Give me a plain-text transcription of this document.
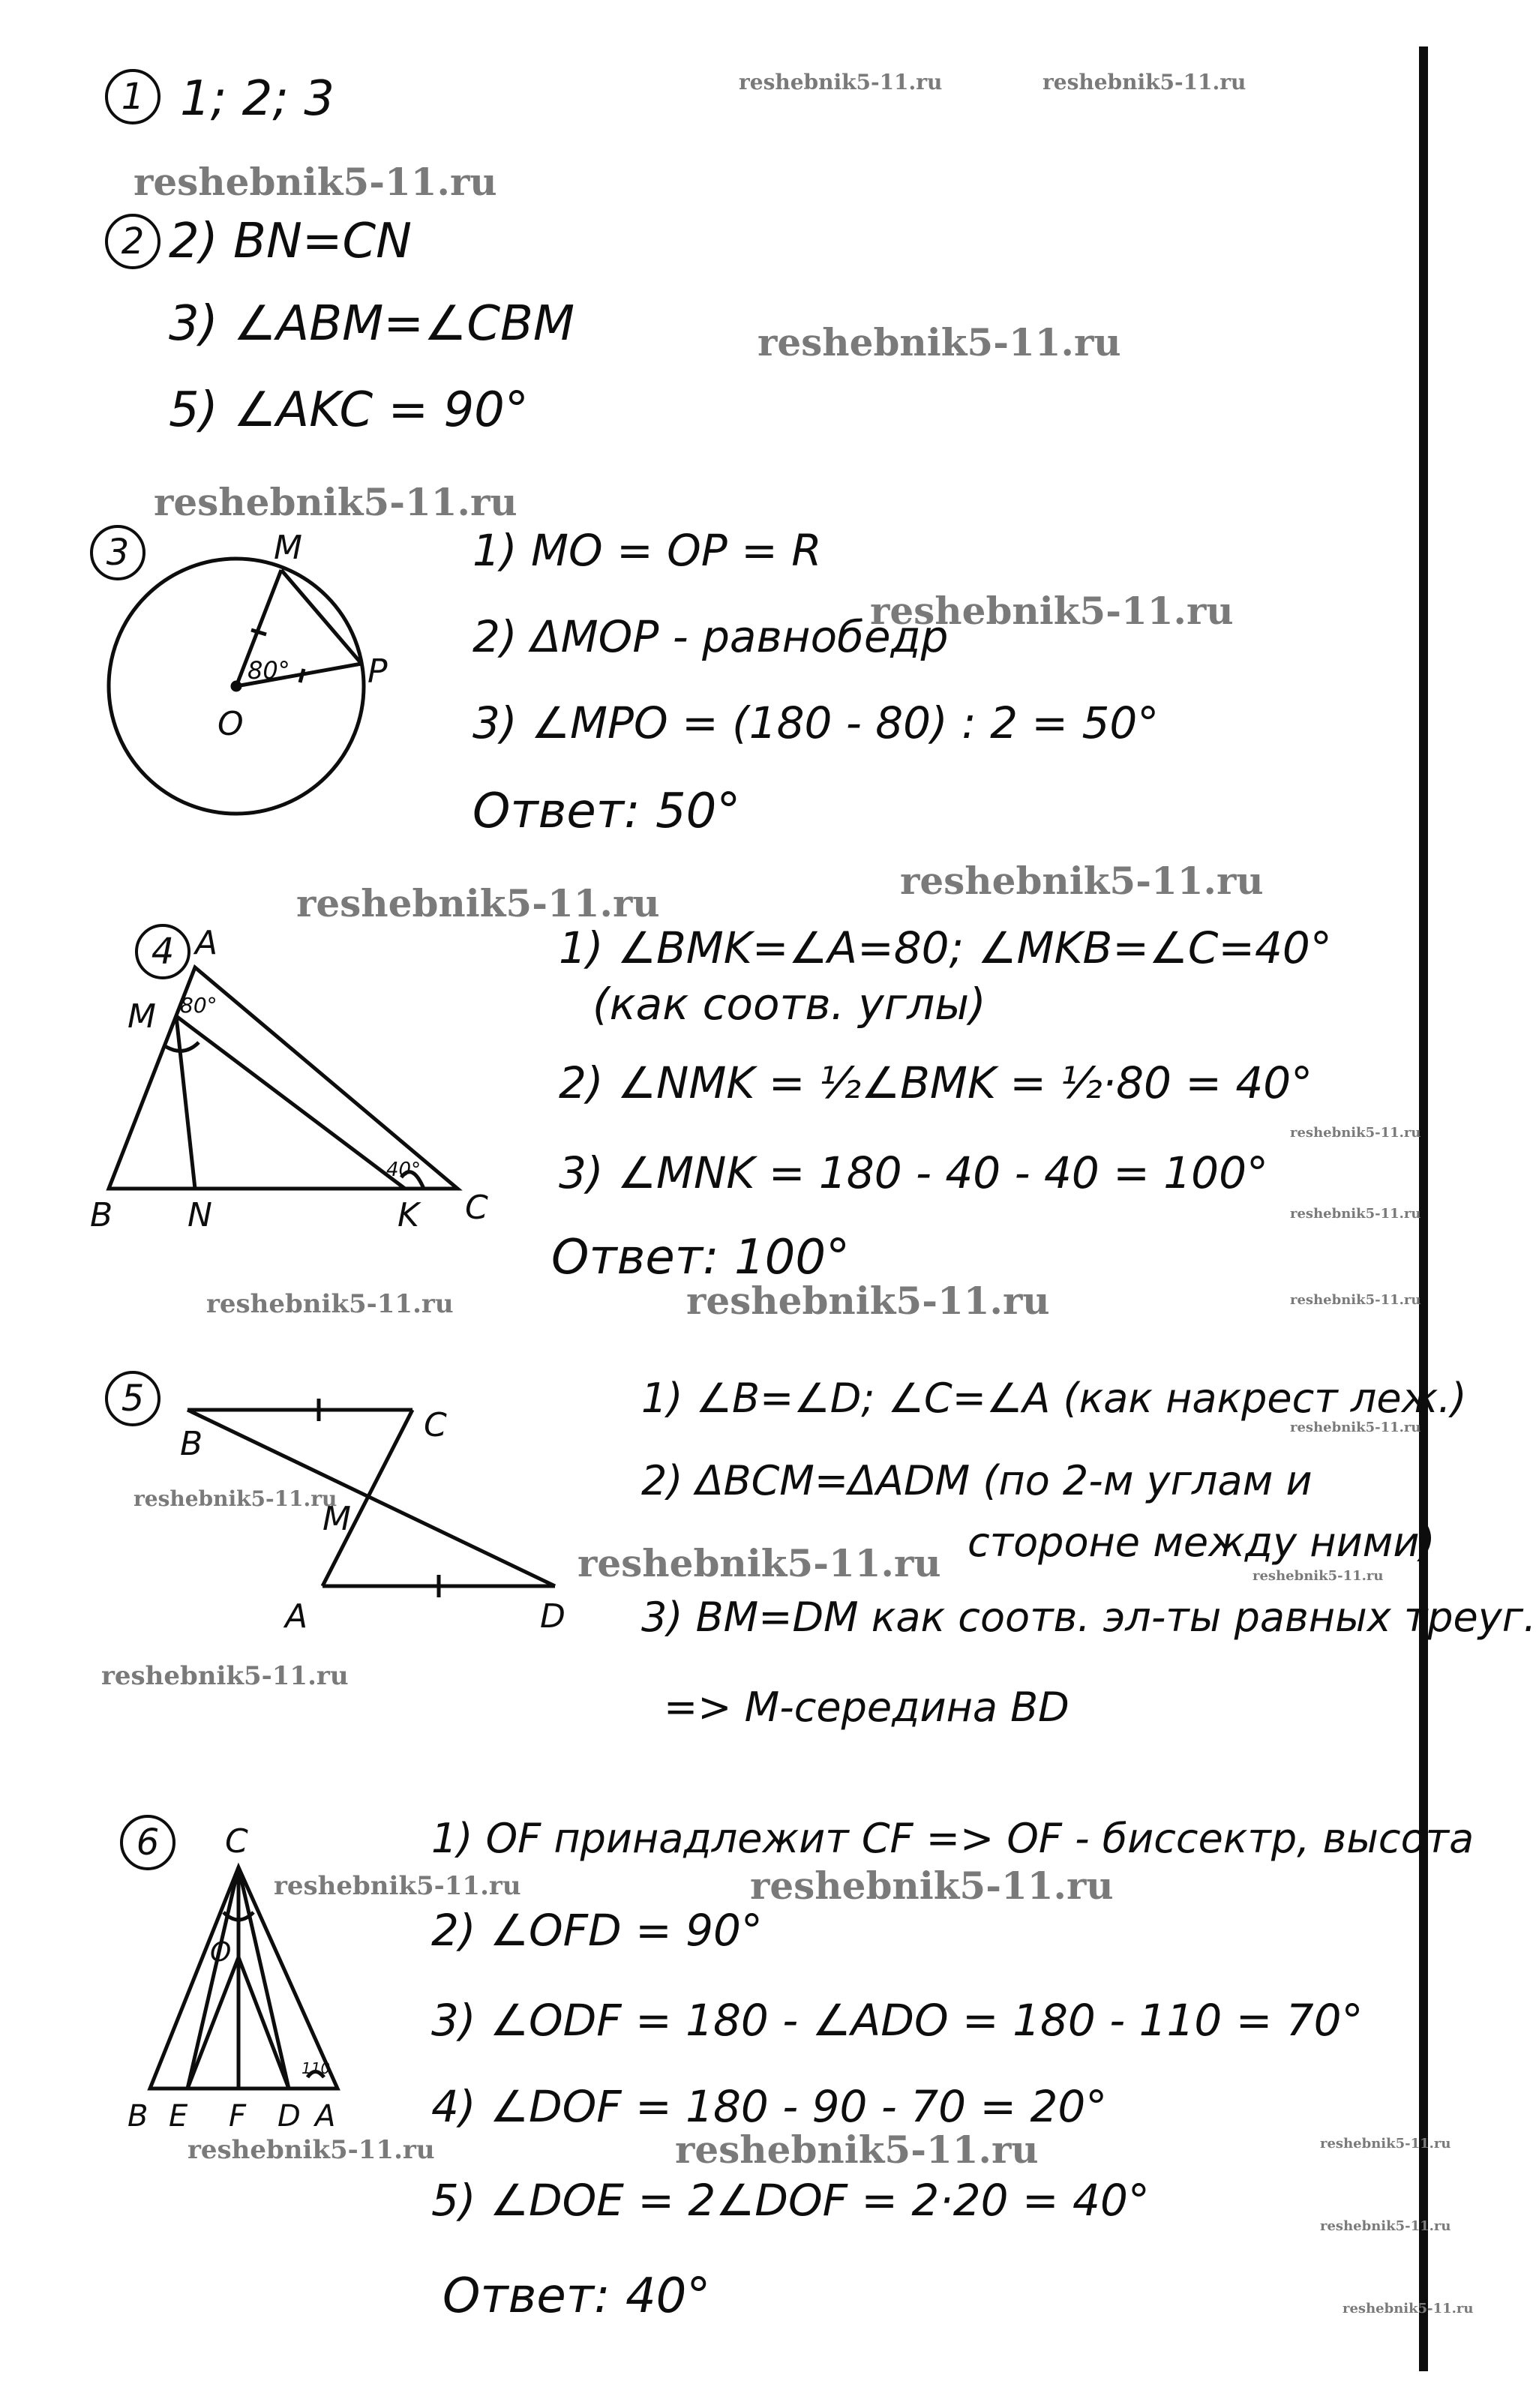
reshebnik5-11.ru	reshebnik5-11.ru
reshebnik5-11.ru
reshebnik5-11.ru
reshebnik5-11.ru
reshebnik5-11.ru
reshebnik5-11.ru
reshebnik5-11.ru
reshebnik5-11.ru
reshebnik5-11.ru
reshebnik5-11.ru	reshebnik5-11.ru	reshebnik5-11.ru
reshebnik5-11.ru
reshebnik5-11.ru
reshebnik5-11.ru	reshebnik5-11.ru
reshebnik5-11.ru
reshebnik5-11.ru	reshebnik5-11.ru
reshebnik5-11.ru	reshebnik5-11.ru	reshebnik5-11.ru
reshebnik5-11.ru
reshebnik5-11.ru
1 1; 2; 3
2 2) BN=CN
3) ∠ABM=∠CBM
5) ∠AKC = 90°
3	M
O
P
80°
1) MO = OP = R
2) ΔMOP - равнобедр
3) ∠MPO = (180 - 80) : 2 = 50°
Ответ: 50°
4 A
M
B N	K C
80°
40°
1) ∠BMK=∠A=80; ∠MKB=∠C=40°
(как соотв. углы)
2) ∠NMK = ½∠BMK = ½·80 = 40°
3) ∠MNK = 180 - 40 - 40 = 100°
Ответ: 100°
5
B	C
M
A	D
1) ∠B=∠D; ∠C=∠A (как накрест леж.)
2) ΔBCM=ΔADM (по 2-м углам и
стороне между ними)
3) BM=DM как соотв. эл-ты равных треуг.
=> M-середина BD
6	C
O
B E F D A
110
1) OF принадлежит CF => OF - биссектр, высота
2) ∠OFD = 90°
3) ∠ODF = 180 - ∠ADO = 180 - 110 = 70°
4) ∠DOF = 180 - 90 - 70 = 20°
5) ∠DOE = 2∠DOF = 2·20 = 40°
Ответ: 40°
